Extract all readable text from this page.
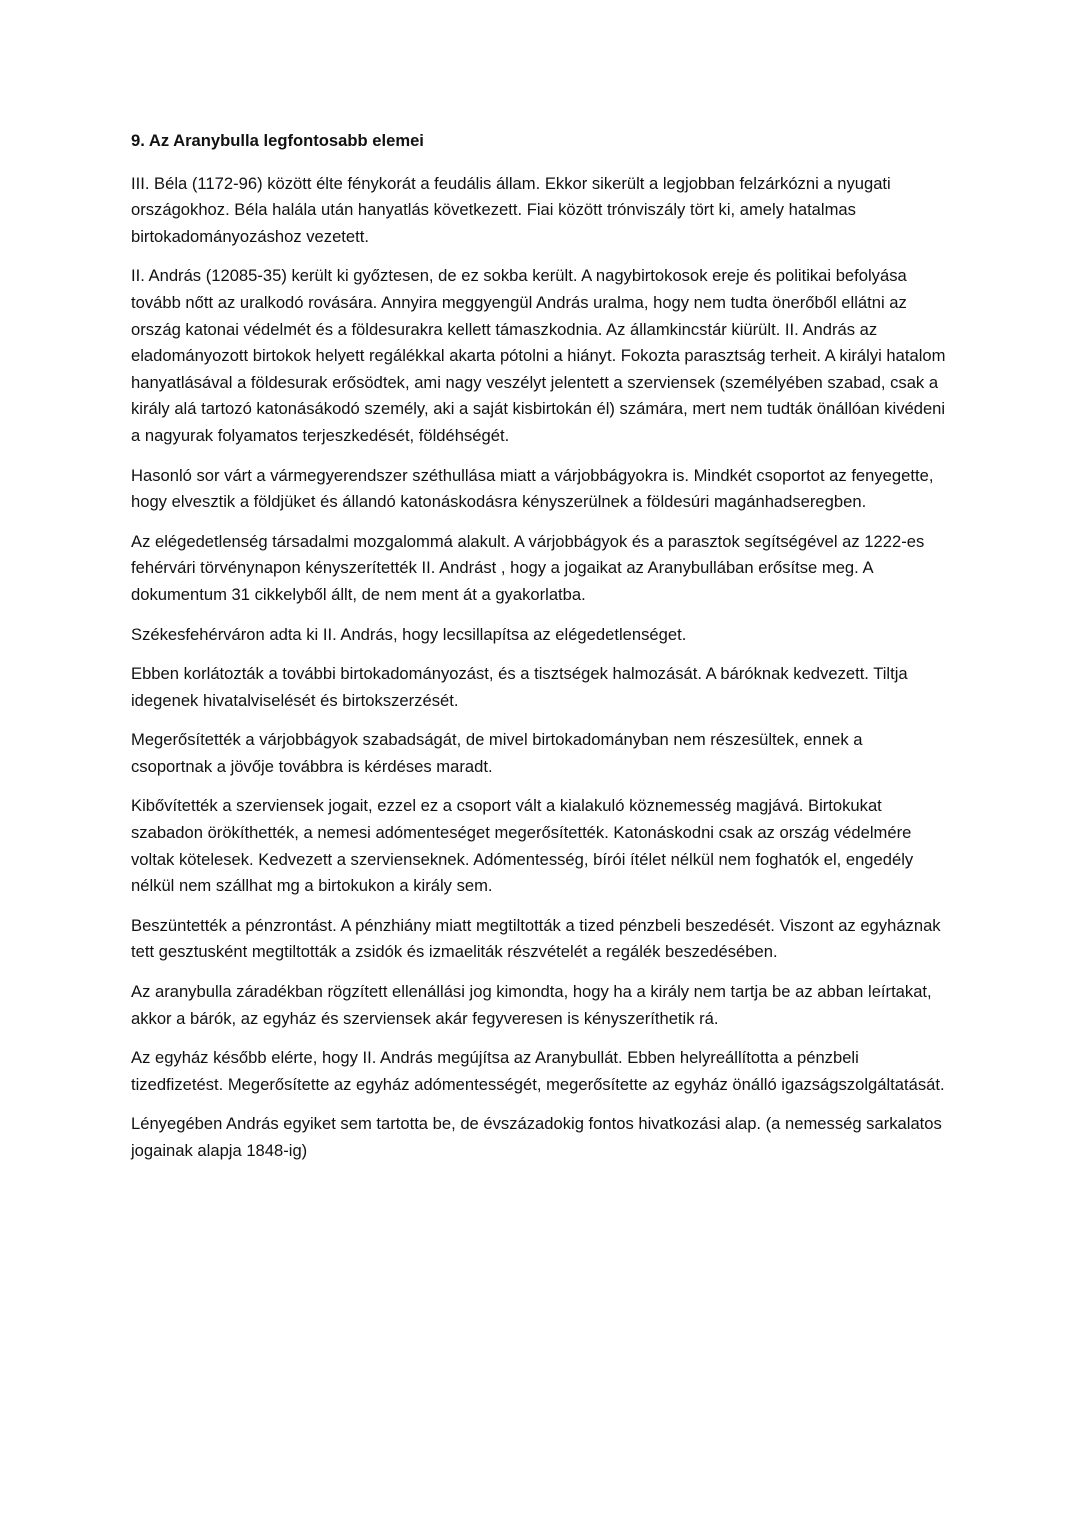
9. Az Aranybulla legfontosabb elemei

III. Béla (1172-96) között élte fénykorát a feudális állam. Ekkor sikerült a legjobban felzárkózni a nyugati országokhoz. Béla halála után hanyatlás következett. Fiai között trónviszály tört ki, amely hatalmas birtokadományozáshoz vezetett.

II. András (12085-35) került ki győztesen, de ez sokba került. A nagybirtokosok ereje és politikai befolyása tovább nőtt az uralkodó rovására. Annyira meggyengül András uralma, hogy nem tudta önerőből ellátni az ország katonai védelmét és a földesurakra kellett támaszkodnia. Az államkincstár kiürült. II. András az eladományozott birtokok helyett regálékkal akarta pótolni a hiányt. Fokozta parasztság terheit. A királyi hatalom hanyatlásával a földesurak erősödtek, ami nagy veszélyt jelentett a szerviensek (személyében szabad, csak a király alá tartozó katonásákodó személy, aki a saját kisbirtokán él) számára, mert nem tudták önállóan kivédeni a nagyurak folyamatos terjeszkedését, földéhségét.

Hasonló sor várt a vármegyerendszer széthullása miatt a várjobbágyokra is. Mindkét csoportot az fenyegette, hogy elvesztik a földjüket és állandó katonáskodásra kényszerülnek a földesúri magánhadseregben.

Az elégedetlenség társadalmi mozgalommá alakult. A várjobbágyok és a parasztok segítségével az 1222-es fehérvári törvénynapon kényszerítették II. Andrást , hogy a jogaikat az Aranybullában erősítse meg. A dokumentum 31 cikkelyből állt, de nem ment át a gyakorlatba.

Székesfehérváron adta ki II. András, hogy lecsillapítsa az elégedetlenséget.

Ebben korlátozták a további birtokadományozást, és a tisztségek halmozását. A báróknak kedvezett. Tiltja idegenek hivatalviselését és birtokszerzését.

Megerősítették a várjobbágyok szabadságát, de mivel birtokadományban nem részesültek, ennek a csoportnak a jövője továbbra is kérdéses maradt.

Kibővítették a szerviensek jogait, ezzel ez a csoport vált a kialakuló köznemesség magjává. Birtokukat szabadon örökíthették, a nemesi adómenteséget megerősítették. Katonáskodni csak az ország védelmére voltak kötelesek. Kedvezett a szervienseknek. Adómentesség, bírói ítélet nélkül nem foghatók el, engedély nélkül nem szállhat mg a birtokukon a király sem.

Beszüntették a pénzrontást. A pénzhiány miatt megtiltották a tized pénzbeli beszedését. Viszont az egyháznak tett gesztusként megtiltották a zsidók és izmaeliták részvételét a regálék beszedésében.

Az aranybulla záradékban rögzített ellenállási jog kimondta, hogy ha a király nem tartja be az abban leírtakat, akkor a bárók, az egyház és szerviensek akár fegyveresen is kényszeríthetik rá.

Az egyház később elérte, hogy II. András megújítsa az Aranybullát. Ebben helyreállította a pénzbeli tizedfizetést. Megerősítette az egyház adómentességét, megerősítette az egyház önálló igazságszolgáltatását.

Lényegében András egyiket sem tartotta be, de évszázadokig fontos hivatkozási alap. (a nemesség sarkalatos jogainak alapja 1848-ig)
